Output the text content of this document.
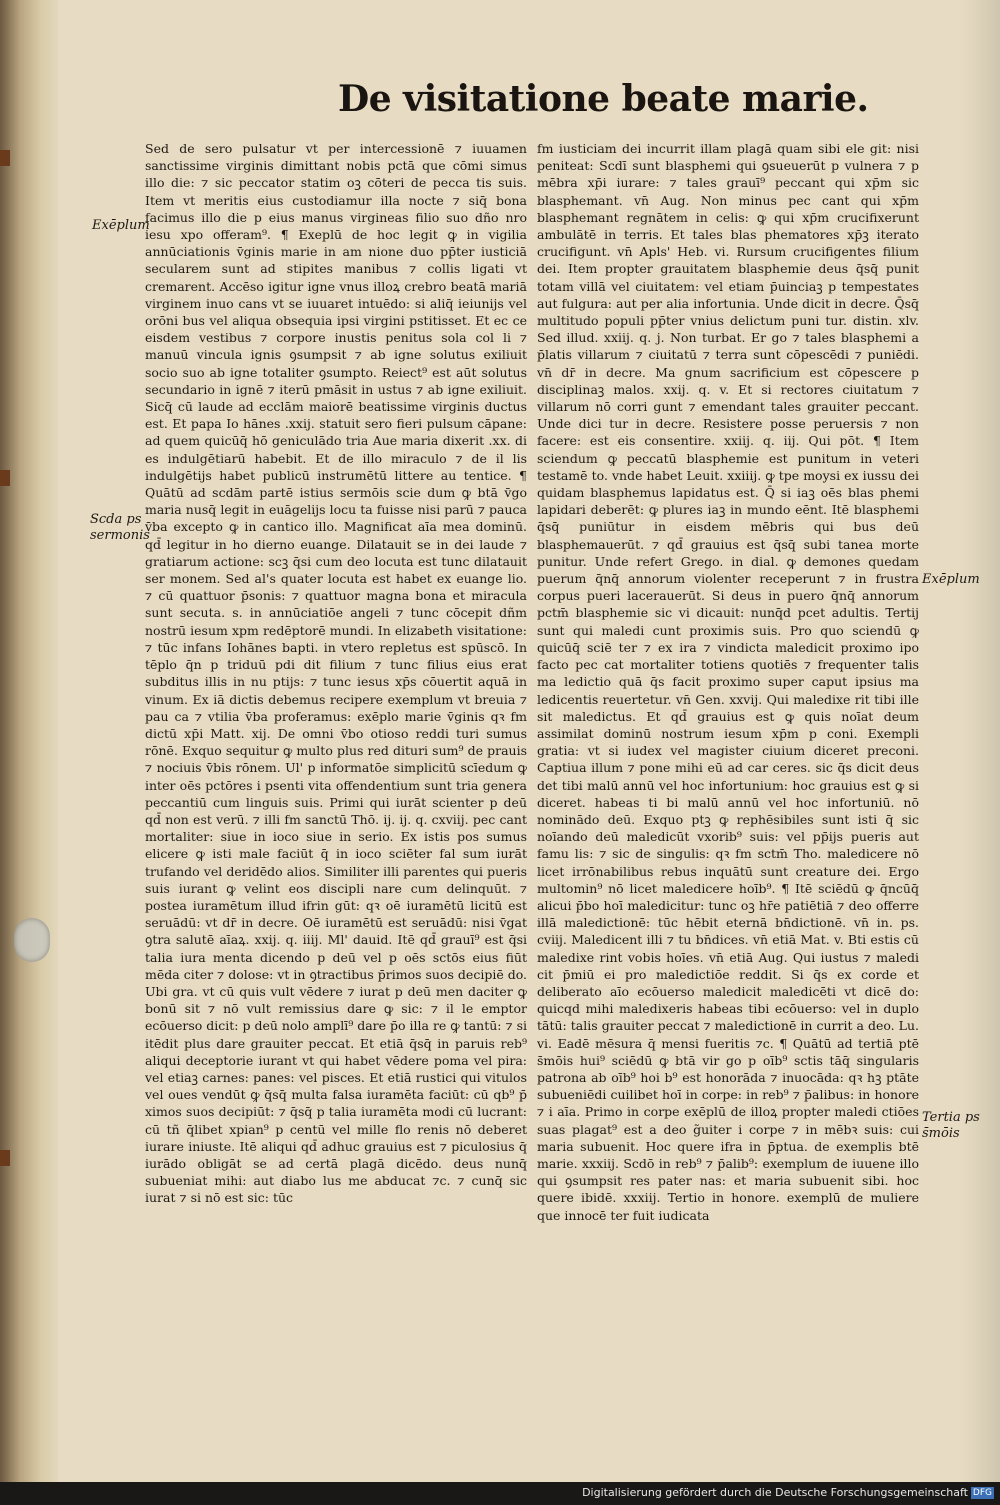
De visitatione beate marie.
Exēplum
Scda ps sermonis
Exēplum
Tertia ps s̄mōis
Sed de sero pulsatur vt per intercessionē ⁊ iuuamen sanctissime virginis dimittant nobis pctā que cōmi simus illo die: ⁊ sic peccator statim oꝫ cōteri de pecca tis suis. Item vt meritis eius custodiamur illa nocte ⁊ siq̄ bona facimus illo die p eius manus virgineas filio suo dño nro iesu xpo offeram⁹. ¶ Exeplū de hoc legit ꝙ in vigilia annūciationis v̄ginis marie in am nione duo pp̄ter iusticiā secularem sunt ad stipites manibus ⁊ collis ligati vt cremarent. Accēso igitur igne vnus illoꝝ crebro beatā mariā virginem inuo cans vt se iuuaret intuēdo: si aliq̄ ieiunijs vel orōni bus vel aliqua obsequia ipsi virgini pstitisset. Et ec ce eisdem vestibus ⁊ corpore inustis penitus sola col li ⁊ manuū vincula ignis ꝯsumpsit ⁊ ab igne solutus exiliuit socio suo ab igne totaliter ꝯsumpto. Reiect⁹ est aūt solutus secundario in ignē ⁊ iterū pmāsit in ustus ⁊ ab igne exiliuit. Sicq̄ cū laude ad ecclām maiorē beatissime virginis ductus est. Et papa Io hānes .xxij. statuit sero fieri pulsum cāpane: ad quem quicūq̄ hō geniculādo tria Aue maria dixerit .xx. di es indulgētiarū habebit. Et de illo miraculo ⁊ de il lis indulgētijs habet publicū instrumētū littere au tentice. ¶ Quātū ad scdām partē istius sermōis scie dum ꝙ btā v̄go maria nusq̄ legit in euāgelijs locu ta fuisse nisi parū ⁊ pauca v̄ba excepto ꝙ in cantico illo. Magnificat aīa mea dominū. qd̄ legitur in ho dierno euange. Dilatauit se in dei laude ⁊ gratiarum actione: scꝫ q̄si cum deo locuta est tunc dilatauit ser monem. Sed al's quater locuta est habet ex euange lio. ⁊ cū quattuor p̄sonis: ⁊ quattuor magna bona et miracula sunt secuta. s. in annūciatiōe angeli ⁊ tunc cōcepit dñm nostrū iesum xpm redēptorē mundi. In elizabeth visitatione: ⁊ tūc infans Iohānes bapti. in vtero repletus est spūscō. In tēplo q̄n p triduū pdi dit filium ⁊ tunc filius eius erat subditus illis in nu ptijs: ⁊ tunc iesus xp̄s cōuertit aquā in vinum. Ex iā dictis debemus recipere exemplum vt breuia ⁊ pau ca ⁊ vtilia v̄ba proferamus: exēplo marie v̄ginis qꝛ fm dictū xp̄i Matt. xij. De omni v̄bo otioso reddi turi sumus rōnē. Exquo sequitur ꝙ multo plus red dituri sum⁹ de prauis ⁊ nociuis v̄bis rōnem. Ul' p informatōe simplicitū scīedum ꝙ inter oēs pctōres i psenti vita offendentium sunt tria genera peccantiū cum linguis suis. Primi qui iurāt scienter p deū qd̄ non est verū. ⁊ illi fm sanctū Thō. ij. ij. q. cxviij. pec cant mortaliter: siue in ioco siue in serio. Ex istis pos sumus elicere ꝙ isti male faciūt q̄ in ioco sciēter fal sum iurāt trufando vel deridēdo alios. Similiter illi parentes qui pueris suis iurant ꝙ velint eos discipli nare cum delinquūt. ⁊ postea iuramētum illud ifrin gūt: qꝛ oē iuramētū licitū est seruādū: vt dr̄ in decre. Oē iuramētū est seruādū: nisi v̄gat ꝯtra salutē aīaꝝ. xxij. q. iiij. Ml' dauid. Itē qd̄ grauī⁹ est q̄si talia iura menta dicendo p deū vel p oēs sctōs eius fiūt mēda citer ⁊ dolose: vt in ꝯtractibus p̄rimos suos decipiē do. Ubi gra. vt cū quis vult vēdere ⁊ iurat p deū men daciter ꝙ bonū sit ⁊ nō vult remissius dare ꝙ sic: ⁊ il le emptor ecōuerso dicit: p deū nolo amplī⁹ dare p̄o illa re ꝙ tantū: ⁊ si itēdit plus dare grauiter peccat. Et etiā q̄sq̄ in paruis reb⁹ aliqui deceptorie iurant vt qui habet vēdere poma vel pira: vel etiaꝫ carnes: panes: vel pisces. Et etiā rustici qui vitulos vel oues vendūt ꝙ q̄sq̄ multa falsa iuramēta faciūt: cū qb⁹ p̄ ximos suos decipiūt: ⁊ q̄sq̄ p talia iuramēta modi cū lucrant: cū tñ q̄libet xpian⁹ p centū vel mille flo renis nō deberet iurare iniuste. Itē aliqui qd̄ adhuc grauius est ⁊ piculosius q̄ iurādo obligāt se ad certā plagā dicēdo. deus nunq̄ subueniat mihi: aut diabo lus me abducat ⁊c. ⁊ cunq̄ sic iurat ⁊ si nō est sic: tūc
fm iusticiam dei incurrit illam plagā quam sibi ele git: nisi peniteat: Scdī sunt blasphemi qui ꝯsueuerūt p vulnera ⁊ p mēbra xp̄i iurare: ⁊ tales grauī⁹ peccant qui xp̄m sic blasphemant. vn̄ Aug. Non minus pec cant qui xp̄m blasphemant regnātem in celis: ꝙ qui xp̄m crucifixerunt ambulātē in terris. Et tales blas phematores xp̄ꝫ iterato crucifigunt. vn̄ Apls' Heb. vi. Rursum crucifigentes filium dei. Item propter grauitatem blasphemie deus q̄sq̄ punit totam villā vel ciuitatem: vel etiam p̄uinciaꝫ p tempestates aut fulgura: aut per alia infortunia. Unde dicit in decre. Q̄sq̄ multitudo populi pp̄ter vnius delictum puni tur. distin. xlv. Sed illud. xxiij. q. j. Non turbat. Er go ⁊ tales blasphemi a p̄latis villarum ⁊ ciuitatū ⁊ terra sunt cōpescēdi ⁊ puniēdi. vn̄ dr̄ in decre. Ma gnum sacrificium est cōpescere p disciplinaꝫ malos. xxij. q. v. Et si rectores ciuitatum ⁊ villarum nō corri gunt ⁊ emendant tales grauiter peccant. Unde dici tur in decre. Resistere posse peruersis ⁊ non facere: est eis consentire. xxiij. q. iij. Qui pōt. ¶ Item sciendum ꝙ peccatū blasphemie est punitum in veteri testamē to. vnde habet Leuit. xxiiij. ꝙ tpe moysi ex iussu dei quidam blasphemus lapidatus est. Q̄ si iaꝫ oēs blas phemi lapidari deberēt: ꝙ plures iaꝫ in mundo eēnt. Itē blasphemi q̄sq̄ puniūtur in eisdem mēbris qui bus deū blasphemauerūt. ⁊ qd̄ grauius est q̄sq̄ subi tanea morte punitur. Unde refert Grego. in dial. ꝙ demones quedam puerum q̄nq̄ annorum violenter receperunt ⁊ in frustra corpus pueri lacerauerūt. Si deus in puero q̄nq̄ annorum pctm̄ blasphemie sic vi dicauit: nunq̄d pcet adultis. Tertij sunt qui maledi cunt proximis suis. Pro quo sciendū ꝙ quicūq̄ sciē ter ⁊ ex ira ⁊ vindicta maledicit proximo ipo facto pec cat mortaliter totiens quotiēs ⁊ frequenter talis ma ledictio quā q̄s facit proximo super caput ipsius ma ledicentis reuertetur. vn̄ Gen. xxvij. Qui maledixe rit tibi ille sit maledictus. Et qd̄ grauius est ꝙ quis noīat deum assimilat dominū nostrum iesum xp̄m p coni. Exempli gratia: vt si iudex vel magister ciuium diceret preconi. Captiua illum ⁊ pone mihi eū ad car ceres. sic q̄s dicit deus det tibi malū annū vel hoc infortunium: hoc grauius est ꝙ si diceret. habeas ti bi malū annū vel hoc infortuniū. nō nominādo deū. Exquo ptꝫ ꝙ rephēsibiles sunt isti q̄ sic noīando deū maledicūt vxorib⁹ suis: vel pp̄ijs pueris aut famu lis: ⁊ sic de singulis: qꝛ fm sctm̄ Tho. maledicere nō licet irrōnabilibus rebus inquātū sunt creature dei. Ergo multomin⁹ nō licet maledicere hoīb⁹. ¶ Itē sciēdū ꝙ q̄ncūq̄ alicui p̄bo hoī maledicitur: tunc oꝫ hr̄e patiētiā ⁊ deo offerre illā maledictionē: tūc hēbit eternā bn̄dictionē. vn̄ in. ps. cviij. Maledicent illi ⁊ tu bn̄dices. vn̄ etiā Mat. v. Bti estis cū maledixe rint vobis hoīes. vn̄ etiā Aug. Qui iustus ⁊ maledi cit p̄miū ei pro maledictiōe reddit. Si q̄s ex corde et deliberato aīo ecōuerso maledicit maledicēti vt dicē do: quicqd mihi maledixeris habeas tibi ecōuerso: vel in duplo tātū: talis grauiter peccat ⁊ maledictionē in currit a deo. Lu. vi. Eadē mēsura q̄ mensi fueritis ⁊c. ¶ Quātū ad tertiā ptē s̄mōis hui⁹ sciēdū ꝙ btā vir go p oīb⁹ sctis tāq̄ singularis patrona ab oīb⁹ hoi b⁹ est honorāda ⁊ inuocāda: qꝛ hꝫ ptāte subueniēdi cuilibet hoī in corpe: in reb⁹ ⁊ p̄alibus: in honore ⁊ i aīa. Primo in corpe exēplū de illoꝝ propter maledi ctiōes suas plagat⁹ est a deo g̃uiter i corpe ⁊ in mēbꝛ suis: cui maria subuenit. Hoc quere ifra in p̄ptua. de exemplis btē marie. xxxiij. Scdō in reb⁹ ⁊ p̄alib⁹: exemplum de iuuene illo qui ꝯsumpsit res pater nas: et maria subuenit sibi. hoc quere ibidē. xxxiij. Tertio in honore. exemplū de muliere que innocē ter fuit iudicata
Digitalisierung gefördert durch die Deutsche Forschungsgemeinschaft DFG
